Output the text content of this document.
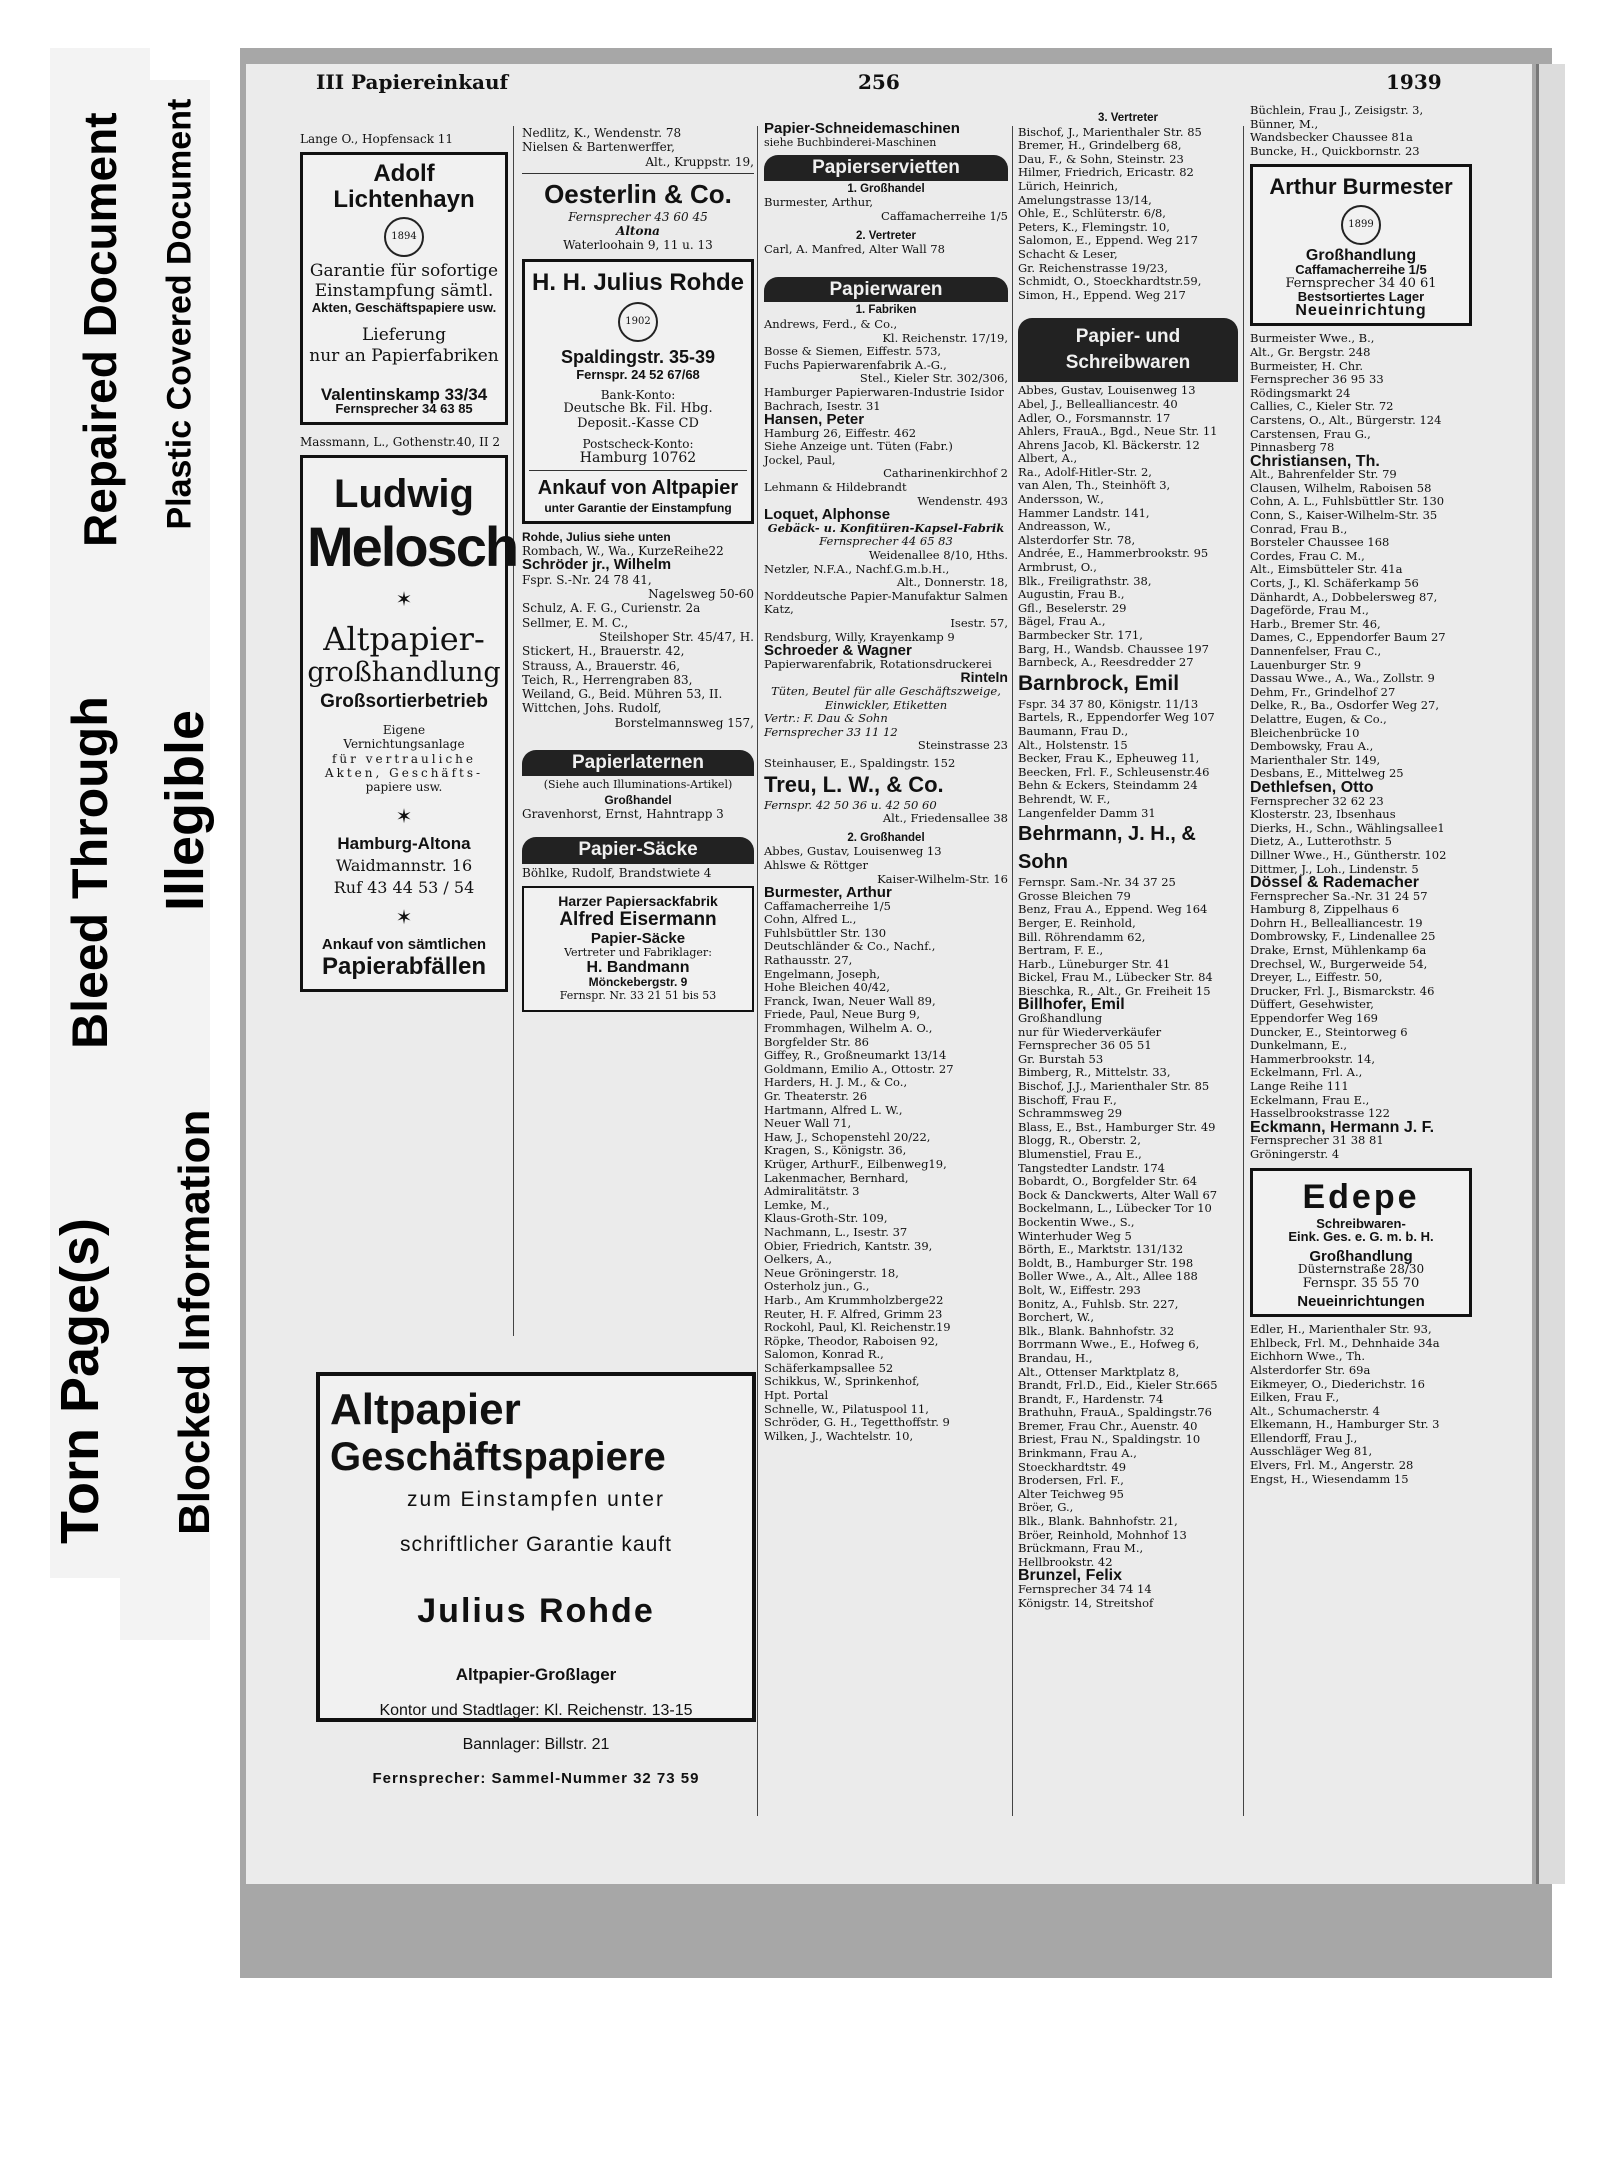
Torn Page(s)
Bleed Through
Repaired Document
Blocked Information
Illegible
Plastic Covered Document
III Papiereinkauf	256	1939

Lange O., Hopfensack 11

Adolf Lichtenhayn
1894

Garantie für sofortige

Einstampfung sämtl.

Akten, Geschäftspapiere usw.

Lieferung

nur an Papierfabriken

Valentinskamp 33/34

Fernsprecher 34 63 85

Massmann, L., Gothenstr.40, II 2

Ludwig
Melosch

✶

Altpapier-

großhandlung

Großsortierbetrieb

Eigene

Vernichtungsanlage

für vertrauliche

Akten, Geschäfts-

papiere usw.

✶

Hamburg-Altona

Waidmannstr. 16

Ruf 43 44 53 / 54

✶

Ankauf von sämtlichen

Papierabfällen

Nedlitz, K., Wendenstr. 78

Nielsen & Bartenwerffer,

Alt., Kruppstr. 19,

Oesterlin & Co.

Fernsprecher 43 60 45

Altona

Waterloohain 9, 11 u. 13

H. H. Julius Rohde
1902

Spaldingstr. 35-39

Fernspr. 24 52 67/68

Bank-Konto:

Deutsche Bk. Fil. Hbg.

Deposit.-Kasse CD

Postscheck-Konto:

Hamburg 10762

Ankauf von Altpapier

unter Garantie der Einstampfung

Rohde, Julius siehe unten

Rombach, W., Wa., KurzeReihe22

Schröder jr., Wilhelm

Fspr. S.-Nr. 24 78 41,

Nagelsweg 50-60

Schulz, A. F. G., Curienstr. 2a

Sellmer, E. M. C.,

Steilshoper Str. 45/47, H.

Stickert, H., Brauerstr. 42,

Strauss, A., Brauerstr. 46,

Teich, R., Herrengraben 83,

Weiland, G., Beid. Mühren 53, II.

Wittchen, Johs. Rudolf,

Borstelmannsweg 157,

Papierlaternen

(Siehe auch Illuminations-Artikel)

Großhandel

Gravenhorst, Ernst, Hahntrapp 3

Papier-Säcke

Böhlke, Rudolf, Brandstwiete 4

Harzer Papiersackfabrik

Alfred Eisermann

Papier-Säcke

Vertreter und Fabriklager:

H. Bandmann

Mönckebergstr. 9

Fernspr. Nr. 33 21 51 bis 53

Altpapier
Geschäftspapiere

zum Einstampfen unter

schriftlicher Garantie kauft

Julius Rohde

Altpapier-Großlager

Kontor und Stadtlager: Kl. Reichenstr. 13-15

Bannlager: Billstr. 21

Fernsprecher: Sammel-Nummer 32 73 59

Papier-Schneidemaschinen

siehe Buchbinderei-Maschinen

Papierservietten

1. Großhandel

Burmester, Arthur,

Caffamacherreihe 1/5

2. Vertreter

Carl, A. Manfred, Alter Wall 78

Papierwaren

1. Fabriken

Andrews, Ferd., & Co.,

Kl. Reichenstr. 17/19,

Bosse & Siemen, Eiffestr. 573,

Fuchs Papierwarenfabrik A.-G.,

Stel., Kieler Str. 302/306,

Hamburger Papierwaren-Industrie Isidor Bachrach, Isestr. 31

Hansen, Peter

Hamburg 26, Eiffestr. 462

Siehe Anzeige unt. Tüten (Fabr.)

Jockel, Paul,

Catharinenkirchhof 2

Lehmann & Hildebrandt

Wendenstr. 493

Loquet, Alphonse

Gebäck- u. Konfitüren-Kapsel-Fabrik

Fernsprecher 44 65 83

Weidenallee 8/10, Hths.

Netzler, N.F.A., Nachf.G.m.b.H.,

Alt., Donnerstr. 18,

Norddeutsche Papier-Manufaktur Salmen Katz,

Isestr. 57,

Rendsburg, Willy, Krayenkamp 9

Schroeder & Wagner

Papierwarenfabrik, Rotationsdruckerei

Rinteln

Tüten, Beutel für alle Geschäftszweige, Einwickler, Etiketten

Vertr.: F. Dau & Sohn

Fernsprecher 33 11 12

Steinstrasse 23

Steinhauser, E., Spaldingstr. 152

Treu, L. W., & Co.

Fernspr. 42 50 36 u. 42 50 60

Alt., Friedensallee 38

2. Großhandel

Abbes, Gustav, Louisenweg 13

Ahlswe & Röttger

Kaiser-Wilhelm-Str. 16

Burmester, Arthur

Caffamacherreihe 1/5

Cohn, Alfred L.,

Fuhlsbüttler Str. 130

Deutschländer & Co., Nachf.,

Rathausstr. 27,

Engelmann, Joseph,

Hohe Bleichen 40/42,

Franck, Iwan, Neuer Wall 89,

Friede, Paul, Neue Burg 9,

Frommhagen, Wilhelm A. O.,

Borgfelder Str. 86

Giffey, R., Großneumarkt 13/14

Goldmann, Emilio A., Ottostr. 27

Harders, H. J. M., & Co.,

Gr. Theaterstr. 26

Hartmann, Alfred L. W.,

Neuer Wall 71,

Haw, J., Schopenstehl 20/22,

Kragen, S., Königstr. 36,

Krüger, ArthurF., Eilbenweg19,

Lakenmacher, Bernhard,

Admiralitätstr. 3

Lemke, M.,

Klaus-Groth-Str. 109,

Nachmann, L., Isestr. 37

Obier, Friedrich, Kantstr. 39,

Oelkers, A.,

Neue Gröningerstr. 18,

Osterholz jun., G.,

Harb., Am Krummholzberge22

Reuter, H. F. Alfred, Grimm 23

Rockohl, Paul, Kl. Reichenstr.19

Röpke, Theodor, Raboisen 92,

Salomon, Konrad R.,

Schäferkampsallee 52

Schikkus, W., Sprinkenhof,

Hpt. Portal

Schnelle, W., Pilatuspool 11,

Schröder, G. H., Tegetthoffstr. 9

Wilken, J., Wachtelstr. 10,

3. Vertreter

Bischof, J., Marienthaler Str. 85

Bremer, H., Grindelberg 68,

Dau, F., & Sohn, Steinstr. 23

Hilmer, Friedrich, Ericastr. 82

Lürich, Heinrich,

Amelungstrasse 13/14,

Ohle, E., Schlüterstr. 6/8,

Peters, K., Flemingstr. 10,

Salomon, E., Eppend. Weg 217

Schacht & Leser,

Gr. Reichenstrasse 19/23,

Schmidt, O., Stoeckhardtstr.59,

Simon, H., Eppend. Weg 217

Papier- und Schreibwaren

Abbes, Gustav, Louisenweg 13

Abel, J., Bellealliancestr. 40

Adler, O., Forsmannstr. 17

Ahlers, FrauA., Bgd., Neue Str. 11

Ahrens Jacob, Kl. Bäckerstr. 12

Albert, A.,

Ra., Adolf-Hitler-Str. 2,

van Alen, Th., Steinhöft 3,

Andersson, W.,

Hammer Landstr. 141,

Andreasson, W.,

Alsterdorfer Str. 78,

Andrée, E., Hammerbrookstr. 95

Armbrust, O.,

Blk., Freiligrathstr. 38,

Augustin, Frau B.,

Gfl., Beselerstr. 29

Bägel, Frau A.,

Barmbecker Str. 171,

Barg, H., Wandsb. Chaussee 197

Barnbeck, A., Reesdredder 27

Barnbrock, Emil

Fspr. 34 37 80, Königstr. 11/13

Bartels, R., Eppendorfer Weg 107

Baumann, Frau D.,

Alt., Holstenstr. 15

Becker, Frau K., Epheuweg 11,

Beecken, Frl. F., Schleusenstr.46

Behn & Eckers, Steindamm 24

Behrendt, W. F.,

Langenfelder Damm 31

Behrmann, J. H., & Sohn

Fernspr. Sam.-Nr. 34 37 25

Grosse Bleichen 79

Benz, Frau A., Eppend. Weg 164

Berger, E. Reinhold,

Bill. Röhrendamm 62,

Bertram, F. E.,

Harb., Lüneburger Str. 41

Bickel, Frau M., Lübecker Str. 84

Bieschka, R., Alt., Gr. Freiheit 15

Billhofer, Emil

Großhandlung

nur für Wiederverkäufer

Fernsprecher 36 05 51

Gr. Burstah 53

Bimberg, R., Mittelstr. 33,

Bischof, J.J., Marienthaler Str. 85

Bischoff, Frau F.,

Schrammsweg 29

Blass, E., Bst., Hamburger Str. 49

Blogg, R., Oberstr. 2,

Blumenstiel, Frau E.,

Tangstedter Landstr. 174

Bobardt, O., Borgfelder Str. 64

Bock & Danckwerts, Alter Wall 67

Bockelmann, L., Lübecker Tor 10

Bockentin Wwe., S.,

Winterhuder Weg 5

Börth, E., Marktstr. 131/132

Boldt, B., Hamburger Str. 198

Boller Wwe., A., Alt., Allee 188

Bolt, W., Eiffestr. 293

Bonitz, A., Fuhlsb. Str. 227,

Borchert, W.,

Blk., Blank. Bahnhofstr. 32

Borrmann Wwe., E., Hofweg 6,

Brandau, H.,

Alt., Ottenser Marktplatz 8,

Brandt, Frl.D., Eid., Kieler Str.665

Brandt, F., Hardenstr. 74

Brathuhn, FrauA., Spaldingstr.76

Bremer, Frau Chr., Auenstr. 40

Briest, Frau N., Spaldingstr. 10

Brinkmann, Frau A.,

Stoeckhardtstr. 49

Brodersen, Frl. F.,

Alter Teichweg 95

Bröer, G.,

Blk., Blank. Bahnhofstr. 21,

Bröer, Reinhold, Mohnhof 13

Brückmann, Frau M.,

Hellbrookstr. 42

Brunzel, Felix

Fernsprecher 34 74 14

Königstr. 14, Streitshof

Büchlein, Frau J., Zeisigstr. 3,

Bünner, M.,

Wandsbecker Chaussee 81a

Buncke, H., Quickbornstr. 23

Arthur Burmester
1899

Großhandlung

Caffamacherreihe 1/5

Fernsprecher 34 40 61

Bestsortiertes Lager

Neueinrichtung

Burmeister Wwe., B.,

Alt., Gr. Bergstr. 248

Burmeister, H. Chr.

Fernsprecher 36 95 33

Rödingsmarkt 24

Callies, C., Kieler Str. 72

Carstens, O., Alt., Bürgerstr. 124

Carstensen, Frau G.,

Pinnasberg 78

Christiansen, Th.

Alt., Bahrenfelder Str. 79

Clausen, Wilhelm, Raboisen 58

Cohn, A. L., Fuhlsbüttler Str. 130

Conn, S., Kaiser-Wilhelm-Str. 35

Conrad, Frau B.,

Borsteler Chaussee 168

Cordes, Frau C. M.,

Alt., Eimsbütteler Str. 41a

Corts, J., Kl. Schäferkamp 56

Dänhardt, A., Dobbelersweg 87,

Dageförde, Frau M.,

Harb., Bremer Str. 46,

Dames, C., Eppendorfer Baum 27

Dannenfelser, Frau C.,

Lauenburger Str. 9

Dassau Wwe., A., Wa., Zollstr. 9

Dehm, Fr., Grindelhof 27

Delke, R., Ba., Osdorfer Weg 27,

Delattre, Eugen, & Co.,

Bleichenbrücke 10

Dembowsky, Frau A.,

Marienthaler Str. 149,

Desbans, E., Mittelweg 25

Dethlefsen, Otto

Fernsprecher 32 62 23

Klosterstr. 23, Ibsenhaus

Dierks, H., Schn., Wählingsallee1

Dietz, A., Lutterothstr. 5

Dillner Wwe., H., Güntherstr. 102

Dittmer, J., Loh., Lindenstr. 5

Dössel & Rademacher

Fernsprecher Sa.-Nr. 31 24 57

Hamburg 8, Zippelhaus 6

Dohrn H., Bellealliancestr. 19

Dombrowsky, F., Lindenallee 25

Drake, Ernst, Mühlenkamp 6a

Drechsel, W., Burgerweide 54,

Dreyer, L., Eiffestr. 50,

Drucker, Frl. J., Bismarckstr. 46

Düffert, Gesehwister,

Eppendorfer Weg 169

Duncker, E., Steintorweg 6

Dunkelmann, E.,

Hammerbrookstr. 14,

Eckelmann, Frl. A.,

Lange Reihe 111

Eckelmann, Frau E.,

Hasselbrookstrasse 122

Eckmann, Hermann J. F.

Fernsprecher 31 38 81

Gröningerstr. 4

Edepe

Schreibwaren-

Eink. Ges. e. G. m. b. H.

Großhandlung

Düsternstraße 28/30

Fernspr. 35 55 70

Neueinrichtungen

Edler, H., Marienthaler Str. 93,

Ehlbeck, Frl. M., Dehnhaide 34a

Eichhorn Wwe., Th.

Alsterdorfer Str. 69a

Eikmeyer, O., Diederichstr. 16

Eilken, Frau F.,

Alt., Schumacherstr. 4

Elkemann, H., Hamburger Str. 3

Ellendorff, Frau J.,

Ausschläger Weg 81,

Elvers, Frl. M., Angerstr. 28

Engst, H., Wiesendamm 15
